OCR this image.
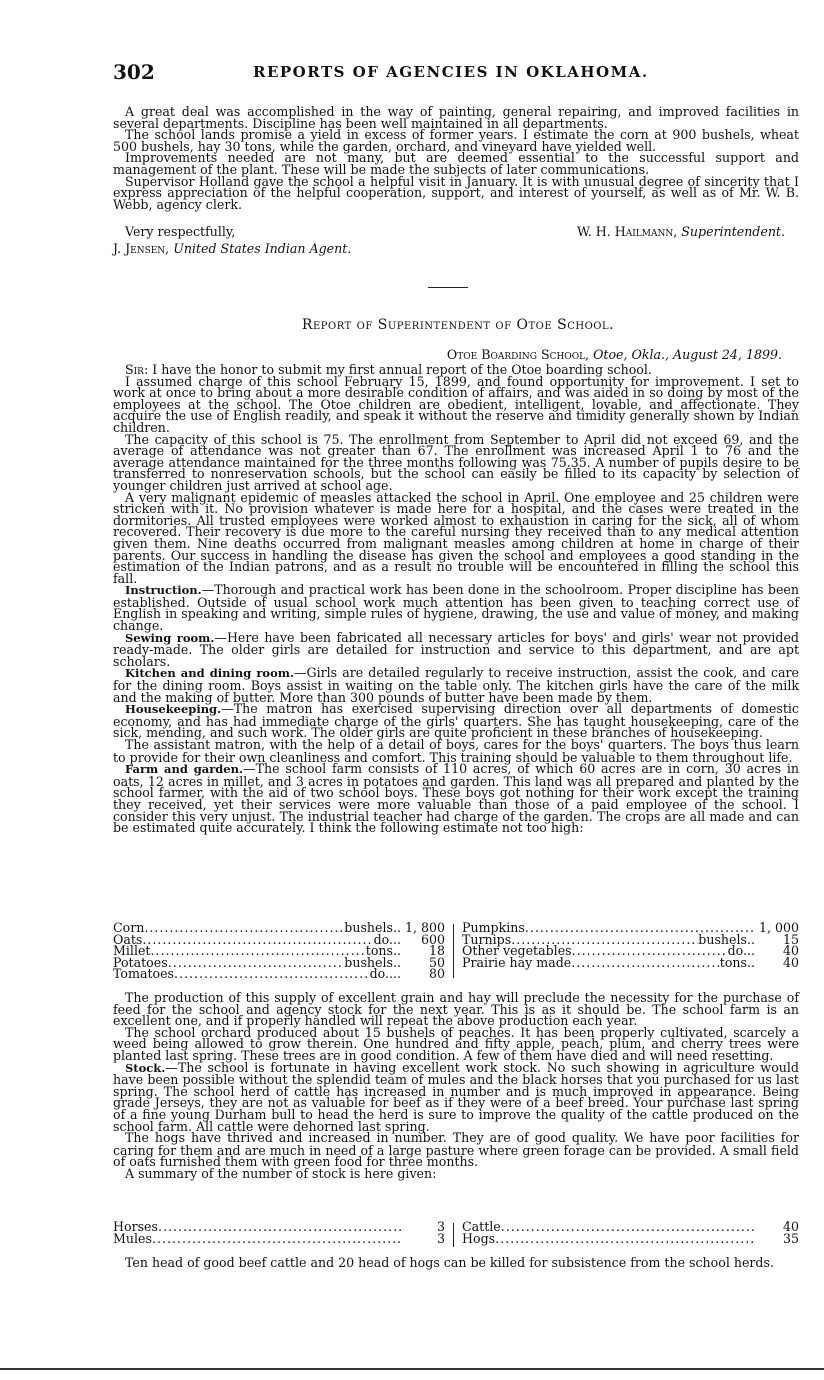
302	REPORTS OF AGENCIES IN OKLAHOMA.

A great deal was accomplished in the way of painting, general repairing, and improved facilities in several departments. Discipline has been well maintained in all departments.

The school lands promise a yield in excess of former years. I estimate the corn at 900 bushels, wheat 500 bushels, hay 30 tons, while the garden, orchard, and vineyard have yielded well.

Improvements needed are not many, but are deemed essential to the successful support and management of the plant. These will be made the subjects of later communications.

Supervisor Holland gave the school a helpful visit in January. It is with unusual degree of sincerity that I express appreciation of the helpful cooperation, support, and interest of yourself, as well as of Mr. W. B. Webb, agency clerk.

Very respectfully,	W. H. Hailmann, Superintendent.
J. Jensen, United States Indian Agent.
Report of Superintendent of Otoe School.
Otoe Boarding School, Otoe, Okla., August 24, 1899.

Sir: I have the honor to submit my first annual report of the Otoe boarding school.

I assumed charge of this school February 15, 1899, and found opportunity for improvement. I set to work at once to bring about a more desirable condition of affairs, and was aided in so doing by most of the employees at the school. The Otoe children are obedient, intelligent, lovable, and affectionate. They acquire the use of English readily, and speak it without the reserve and timidity generally shown by Indian children.

The capacity of this school is 75. The enrollment from September to April did not exceed 69, and the average of attendance was not greater than 67. The enrollment was increased April 1 to 76 and the average attendance maintained for the three months following was 75.35. A number of pupils desire to be transferred to nonreservation schools, but the school can easily be filled to its capacity by selection of younger children just arrived at school age.

A very malignant epidemic of measles attacked the school in April. One employee and 25 children were stricken with it. No provision whatever is made here for a hospital, and the cases were treated in the dormitories. All trusted employees were worked almost to exhaustion in caring for the sick, all of whom recovered. Their recovery is due more to the careful nursing they received than to any medical attention given them. Nine deaths occurred from malignant measles among children at home in charge of their parents. Our success in handling the disease has given the school and employees a good standing in the estimation of the Indian patrons, and as a result no trouble will be encountered in filling the school this fall.

Instruction.—Thorough and practical work has been done in the schoolroom. Proper discipline has been established. Outside of usual school work much attention has been given to teaching correct use of English in speaking and writing, simple rules of hygiene, drawing, the use and value of money, and making change.

Sewing room.—Here have been fabricated all necessary articles for boys' and girls' wear not provided ready-made. The older girls are detailed for instruction and service to this department, and are apt scholars.

Kitchen and dining room.—Girls are detailed regularly to receive instruction, assist the cook, and care for the dining room. Boys assist in waiting on the table only. The kitchen girls have the care of the milk and the making of butter. More than 300 pounds of butter have been made by them.

Housekeeping.—The matron has exercised supervising direction over all departments of domestic economy, and has had immediate charge of the girls' quarters. She has taught housekeeping, care of the sick, mending, and such work. The older girls are quite proficient in these branches of housekeeping.

The assistant matron, with the help of a detail of boys, cares for the boys' quarters. The boys thus learn to provide for their own cleanliness and comfort. This training should be valuable to them throughout life.

Farm and garden.—The school farm consists of 110 acres, of which 60 acres are in corn, 30 acres in oats, 12 acres in millet, and 3 acres in potatoes and garden. This land was all prepared and planted by the school farmer, with the aid of two school boys. These boys got nothing for their work except the training they received, yet their services were more valuable than those of a paid employee of the school. I consider this very unjust. The industrial teacher had charge of the garden. The crops are all made and can be estimated quite accurately. I think the following estimate not too high:

Corn .....	bushels.. 1, 800
Oats .....	do...	600
Millet .....	tons..	18
Potatoes .....	bushels..	50
Tomatoes .....	do....	80
Pumpkins .....	1, 000
Turnips .....	bushels..	15
Other vegetables .....	do...	40
Prairie hay made .....	tons..	40

The production of this supply of excellent grain and hay will preclude the necessity for the purchase of feed for the school and agency stock for the next year. This is as it should be. The school farm is an excellent one, and if properly handled will repeat the above production each year.

The school orchard produced about 15 bushels of peaches. It has been properly cultivated, scarcely a weed being allowed to grow therein. One hundred and fifty apple, peach, plum, and cherry trees were planted last spring. These trees are in good condition. A few of them have died and will need resetting.

Stock.—The school is fortunate in having excellent work stock. No such showing in agriculture would have been possible without the splendid team of mules and the black horses that you purchased for us last spring. The school herd of cattle has increased in number and is much improved in appearance. Being grade Jerseys, they are not as valuable for beef as if they were of a beef breed. Your purchase last spring of a fine young Durham bull to head the herd is sure to improve the quality of the cattle produced on the school farm. All cattle were dehorned last spring.

The hogs have thrived and increased in number. They are of good quality. We have poor facilities for caring for them and are much in need of a large pasture where green forage can be provided. A small field of oats furnished them with green food for three months.

A summary of the number of stock is here given:

Horses .....	3
Mules .....	3
Cattle .....	40
Hogs .....	35

Ten head of good beef cattle and 20 head of hogs can be killed for subsistence from the school herds.
